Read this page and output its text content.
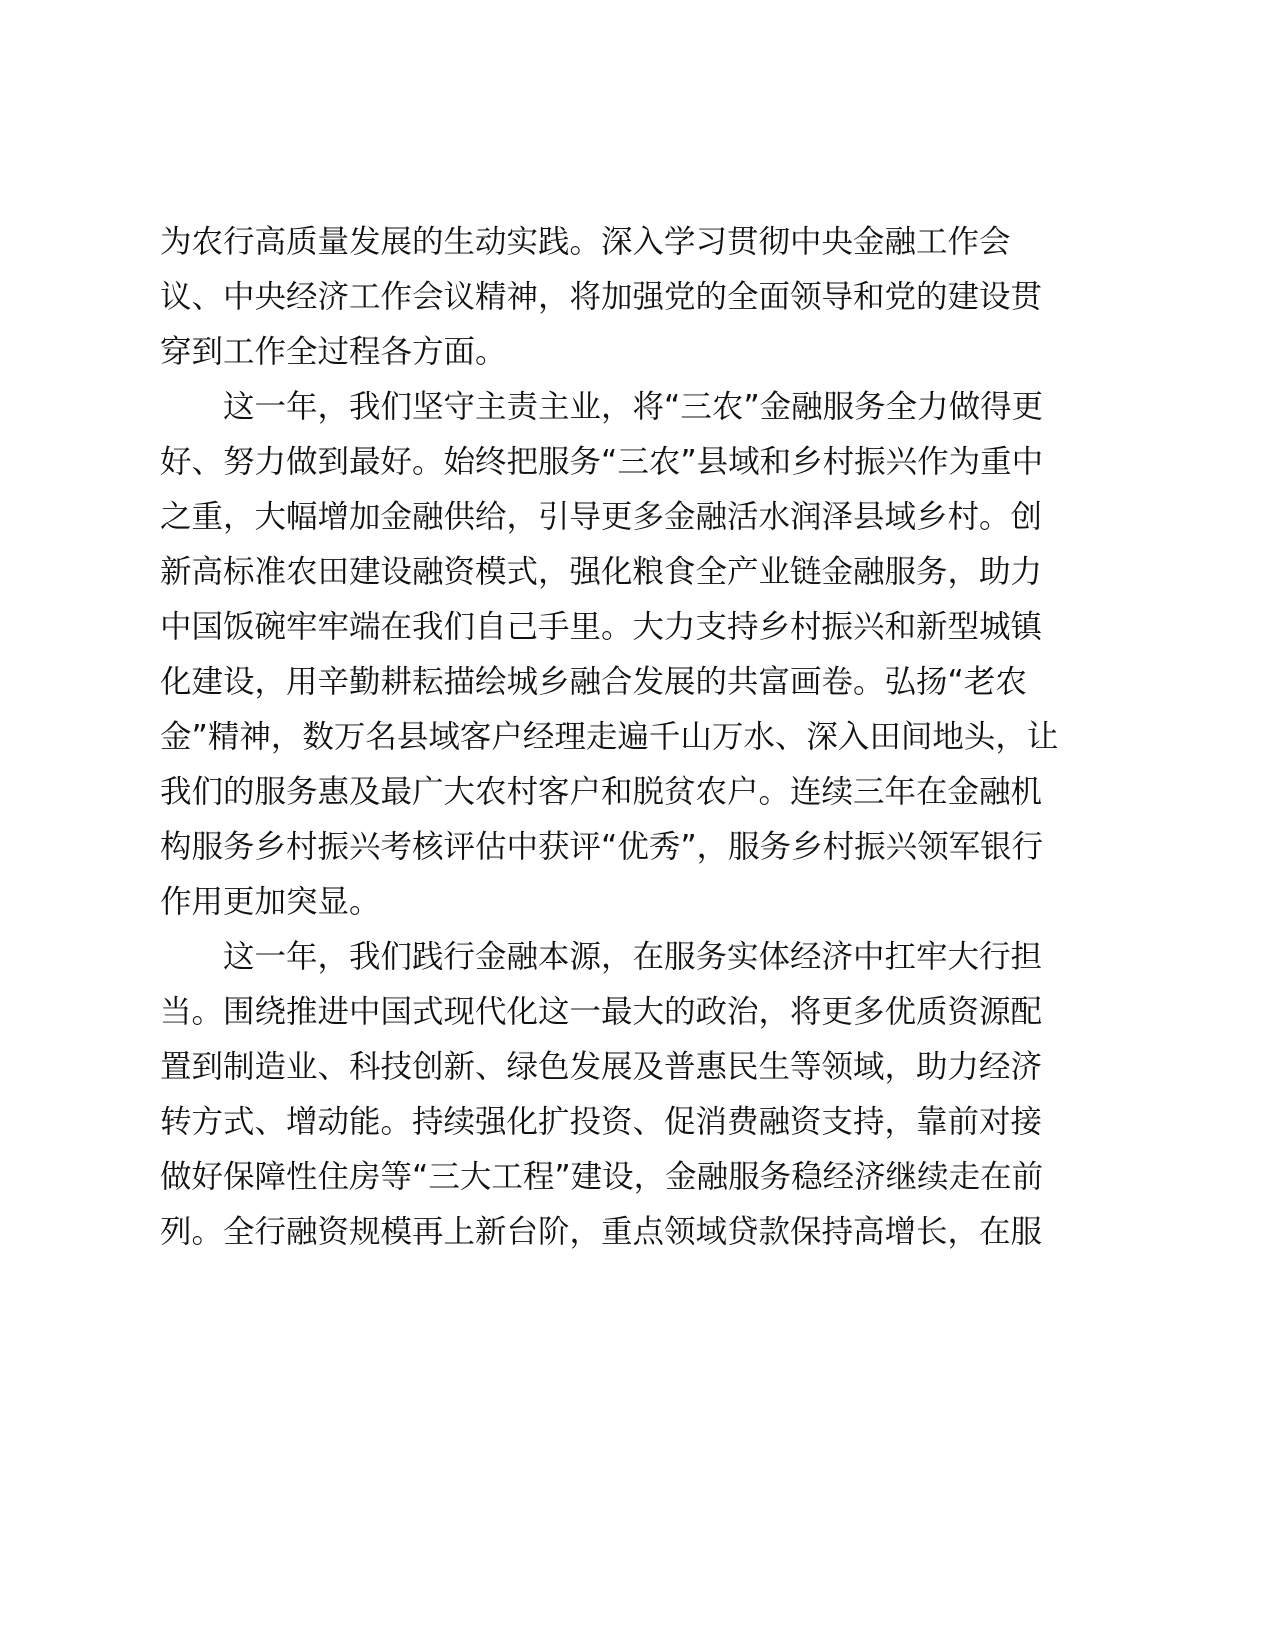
为农行高质量发展的生动实践。深入学习贯彻中央金融工作会
议、中央经济工作会议精神，将加强党的全面领导和党的建设贯
穿到工作全过程各方面。
　　这一年，我们坚守主责主业，将“三农”金融服务全力做得更
好、努力做到最好。始终把服务“三农”县域和乡村振兴作为重中
之重，大幅增加金融供给，引导更多金融活水润泽县域乡村。创
新高标准农田建设融资模式，强化粮食全产业链金融服务，助力
中国饭碗牢牢端在我们自己手里。大力支持乡村振兴和新型城镇
化建设，用辛勤耕耘描绘城乡融合发展的共富画卷。弘扬“老农
金”精神，数万名县域客户经理走遍千山万水、深入田间地头，让
我们的服务惠及最广大农村客户和脱贫农户。连续三年在金融机
构服务乡村振兴考核评估中获评“优秀”，服务乡村振兴领军银行
作用更加突显。
　　这一年，我们践行金融本源，在服务实体经济中扛牢大行担
当。围绕推进中国式现代化这一最大的政治，将更多优质资源配
置到制造业、科技创新、绿色发展及普惠民生等领域，助力经济
转方式、增动能。持续强化扩投资、促消费融资支持，靠前对接
做好保障性住房等“三大工程”建设，金融服务稳经济继续走在前
列。全行融资规模再上新台阶，重点领域贷款保持高增长，在服
